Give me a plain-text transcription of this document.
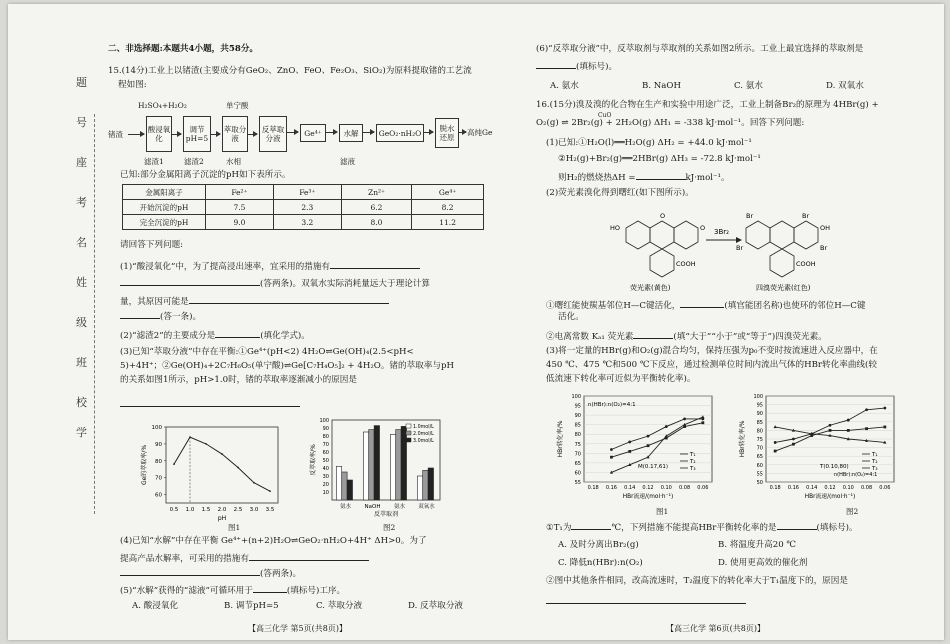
题
号
座
考
名
姓
级
班
校
学
二、非选择题:本题共4小题，共58分。
15.(14分)工业上以锗渣(主要成分有GeO₂、ZnO、FeO、Fe₂O₃、SiO₂)为原料提取锗的工艺流
程如图:
H₂SO₄+H₂O₂	单宁酸
锗渣
酸浸氧化
调节pH=5
萃取分液
反萃取分液
Ge⁴⁺	水解	GeO₂·nH₂O	脱水还原
高纯Ge
滤渣1	滤渣2	水相	滤液
已知:部分金属阳离子沉淀的pH如下表所示。
金属阳离子	Fe²⁺	Fe³⁺	Zn²⁺	Ge⁴⁺
开始沉淀的pH	7.5	2.3	6.2	8.2
完全沉淀的pH	9.0	3.2	8.0	11.2
请回答下列问题:
(1)“酸浸氧化”中，为了提高浸出速率，宜采用的措施有
(答两条)。双氧水实际消耗量远大于理论计算
量，其原因可能是
(答一条)。
(2)“滤渣2”的主要成分是	(填化学式)。
(3)已知“萃取分液”中存在平衡:①Ge⁴⁺(pH<2) 4H₂O⇌Ge(OH)₄(2.5<pH<
5)+4H⁺；②Ge(OH)₄+2C₇H₆O₅(单宁酸)⇌Ge[C₇H₄O₅]₂ + 4H₂O。锗的萃取率与pH
的关系如图1所示，pH>1.0时，锗的萃取率逐渐减小的原因是
60
70
80
90
100
0.5 1.0 1.5 2.0 2.5 3.0 3.5
Ge的萃取率/%
pH
图1
10
20
30
40
50
60
70
80
90
100
氨水 NaOH 氨水 双氧水
1.0mol/L
2.0mol/L
3.0mol/L
反萃取率/%
反萃取剂
图2
(4)已知“水解”中存在平衡 Ge⁴⁺+(n+2)H₂O⇌GeO₂·nH₂O+4H⁺ ΔH>0。为了
提高产品水解率，可采用的措施有
(答两条)。
(5)“水解”获得的“滤液”可循环用于	(填标号)工序。
A. 酸浸氧化	B. 调节pH=5	C. 萃取分液	D. 反萃取分液
【高三化学 第5页(共8页)】
(6)“反萃取分液”中，反萃取剂与萃取剂的关系如图2所示。工业上最宜选择的萃取剂是
(填标号)。
A. 氨水	B. NaOH	C. 氨水	D. 双氧水
16.(15分)溴及溴的化合物在生产和实验中用途广泛，工业上制备Br₂的原理为 4HBr(g) +
O₂(g) ⇌ 2Br₂(g) + 2H₂O(g) ΔH₁ = -338 kJ·mol⁻¹。回答下列问题:
CuO
(1)已知:①H₂O(l)══H₂O(g) ΔH₂ = +44.0 kJ·mol⁻¹
②H₂(g)+Br₂(g)══2HBr(g) ΔH₃ = -72.8 kJ·mol⁻¹
则H₂的燃烧热ΔH =	kJ·mol⁻¹。
(2)荧光素溴化得到曙红(如下图所示)。
3Br₂
HO
O
O
COOH
Br	Br
Br	Br
COOH
OH
荧光素(黄色)	四溴荧光素(红色)
①曙红能使羰基邻位H—C键活化，	(填官能团名称)也使环的邻位H—C键
活化。
②电离常数 Kₐ₁ 荧光素	(填“大于”“小于”或“等于”)四溴荧光素。
(3)将一定量的HBr(g)和O₂(g)混合均匀，保持压强为p₀不变时按流速进入反应器中，在
450 ℃、475 ℃和500 ℃下反应，通过检测单位时间内流出气体的HBr转化率曲线(较
低流速下转化率可近似为平衡转化率)。
55
60
65
70
75
80
85
90
95
100
0.18 0.16 0.14 0.12 0.10 0.08 0.06
T₁
T₂
T₃
n(HBr):n(O₂)=4:1
M(0.17,61)
HBr转化率/%
HBr流速/(mol·h⁻¹)
图1
50
55
60
65
70
75
80
85
90
95
100
0.18 0.16 0.14 0.12 0.10 0.08 0.06
T₁
T₂
T₃
n(HBr):n(O₂)=4:1
T(0.10,80)
HBr转化率/%
HBr流速/(mol·h⁻¹)
图2
①T₁为	℃，下列措施不能提高HBr平衡转化率的是	(填标号)。
A. 及时分离出Br₂(g)	B. 将温度升高20 ℃
C. 降低n(HBr):n(O₂)	D. 使用更高效的催化剂
②图中其他条件相同，改高流速时，T₂温度下的转化率大于T₁温度下的，原因是
【高三化学 第6页(共8页)】
